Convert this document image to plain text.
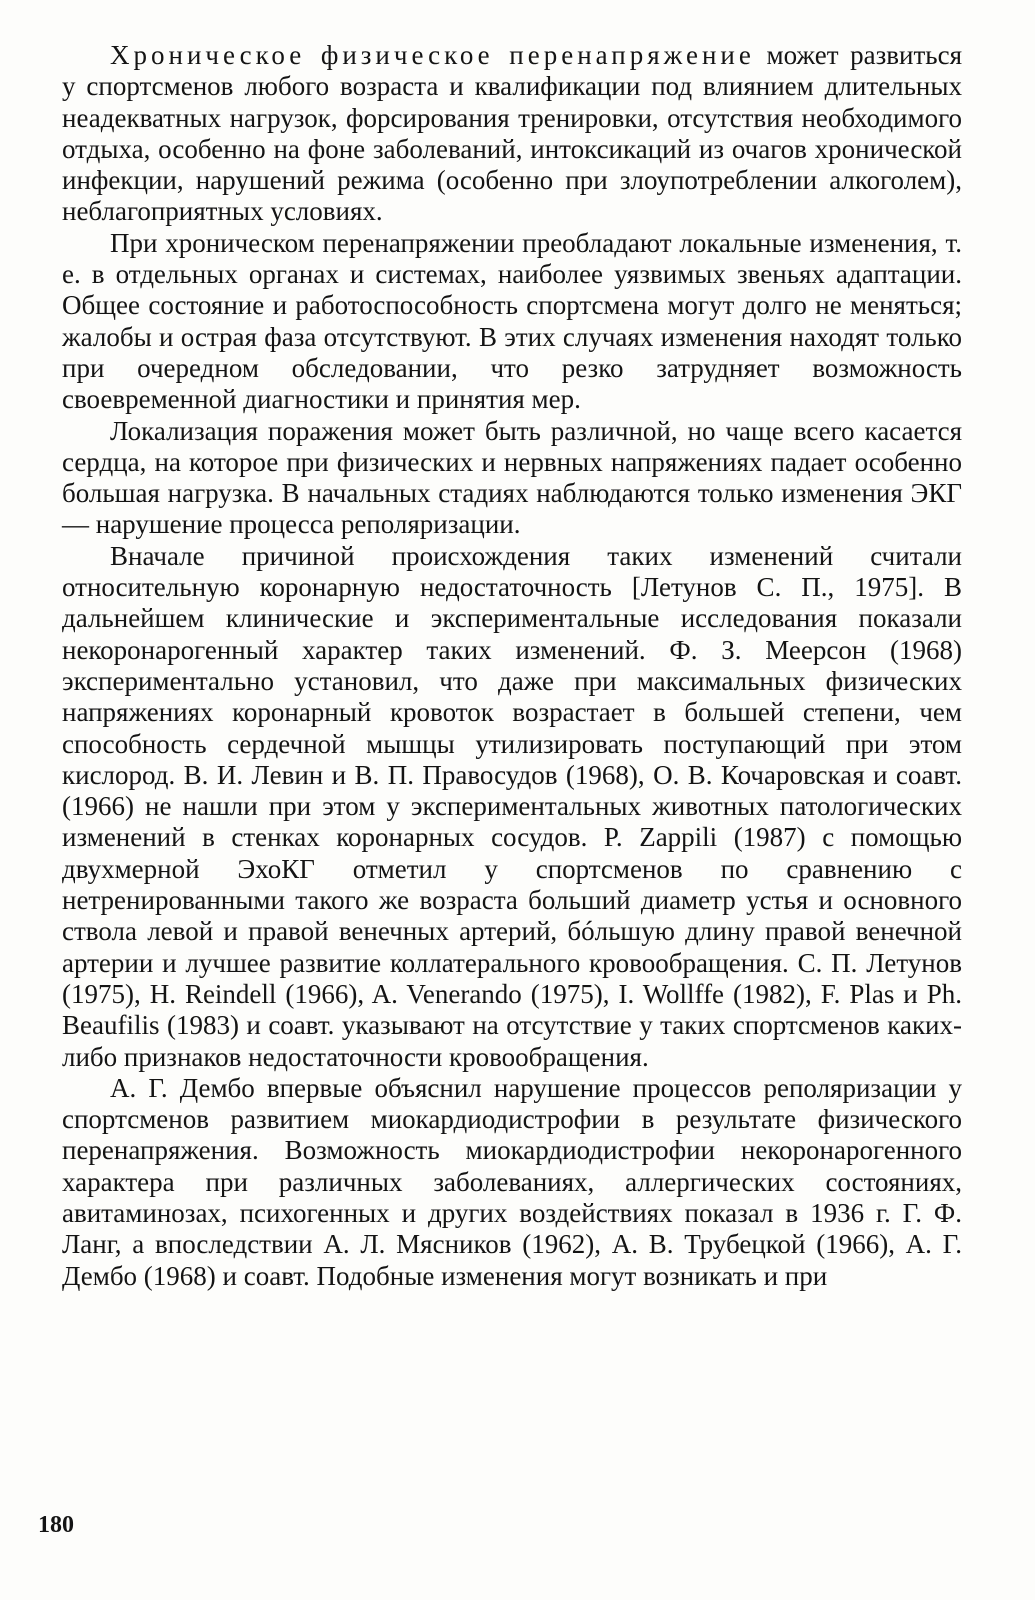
Хроническое физическое перенапряжение может развиться у спортсменов любого возраста и квалификации под влиянием длительных неадекватных нагрузок, форсирования тренировки, отсутствия необходимого отдыха, особенно на фоне заболеваний, интоксикаций из очагов хронической инфекции, нарушений режима (особенно при злоупотреблении алкоголем), неблагоприятных условиях.

При хроническом перенапряжении преобладают локальные изменения, т. е. в отдельных органах и системах, наиболее уязвимых звеньях адаптации. Общее состояние и работоспособность спортсмена могут долго не меняться; жалобы и острая фаза отсутствуют. В этих случаях изменения находят только при очередном обследовании, что резко затрудняет возможность своевременной диагностики и принятия мер.

Локализация поражения может быть различной, но чаще всего касается сердца, на которое при физических и нервных напряжениях падает особенно большая нагрузка. В начальных стадиях наблюдаются только изменения ЭКГ — нарушение процесса реполяризации.

Вначале причиной происхождения таких изменений считали относительную коронарную недостаточность [Летунов С. П., 1975]. В дальнейшем клинические и экспериментальные исследования показали некоронарогенный характер таких изменений. Ф. З. Меерсон (1968) экспериментально установил, что даже при максимальных физических напряжениях коронарный кровоток возрастает в большей степени, чем способность сердечной мышцы утилизировать поступающий при этом кислород. В. И. Левин и В. П. Правосудов (1968), О. В. Кочаровская и соавт. (1966) не нашли при этом у экспериментальных животных патологических изменений в стенках коронарных сосудов. P. Zappili (1987) с помощью двухмерной ЭхоКГ отметил у спортсменов по сравнению с нетренированными такого же возраста больший диаметр устья и основного ствола левой и правой венечных артерий, бóльшую длину правой венечной артерии и лучшее развитие коллатерального кровообращения. С. П. Летунов (1975), H. Reindell (1966), A. Venerando (1975), I. Wollffe (1982), F. Plas и Ph. Beaufilis (1983) и соавт. указывают на отсутствие у таких спортсменов каких-либо признаков недостаточности кровообращения.

А. Г. Дембо впервые объяснил нарушение процессов реполяризации у спортсменов развитием миокардиодистрофии в результате физического перенапряжения. Возможность миокардиодистрофии некоронарогенного характера при различных заболеваниях, аллергических состояниях, авитаминозах, психогенных и других воздействиях показал в 1936 г. Г. Ф. Ланг, а впоследствии А. Л. Мясников (1962), А. В. Трубецкой (1966), А. Г. Дембо (1968) и соавт. Подобные изменения могут возникать и при

180
